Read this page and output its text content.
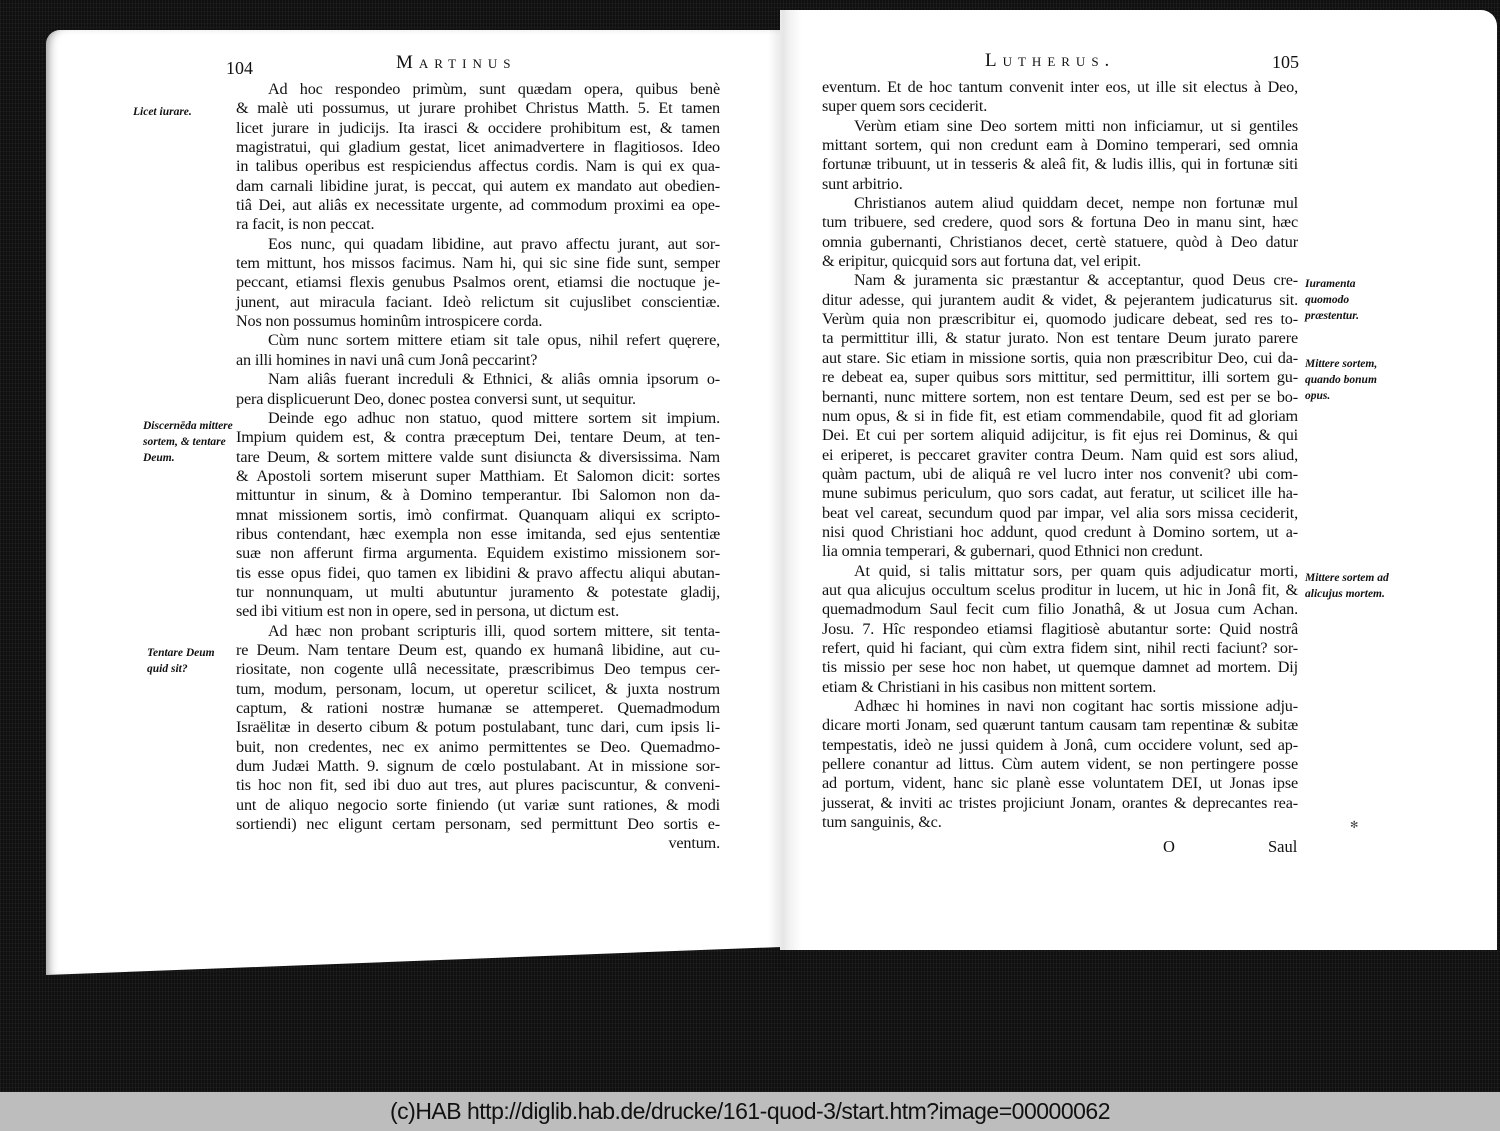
104	Martinus
Licet iurare.
Discernēda mittere sortem, & tentare Deum.
Tentare Deum quid sit?
Ad hoc respondeo primùm, sunt quædam opera, quibus benè
& malè uti possumus, ut jurare prohibet Christus Matth. 5. Et tamen
licet jurare in judicijs. Ita irasci & occidere prohibitum est, & tamen
magistratui, qui gladium gestat, licet animadvertere in flagitiosos. Ideo
in talibus operibus est respiciendus affectus cordis. Nam is qui ex qua-
dam carnali libidine jurat, is peccat, qui autem ex mandato aut obedien-
tiâ Dei, aut aliâs ex necessitate urgente, ad commodum proximi ea ope-
ra facit, is non peccat.
Eos nunc, qui quadam libidine, aut pravo affectu jurant, aut sor-
tem mittunt, hos missos facimus. Nam hi, qui sic sine fide sunt, semper
peccant, etiamsi flexis genubus Psalmos orent, etiamsi die noctuque je-
junent, aut miracula faciant. Ideò relictum sit cujuslibet conscientiæ.
Nos non possumus hominûm introspicere corda.
Cùm nunc sortem mittere etiam sit tale opus, nihil refert quęrere,
an illi homines in navi unâ cum Jonâ peccarint?
Nam aliâs fuerant increduli & Ethnici, & aliâs omnia ipsorum o-
pera displicuerunt Deo, donec postea conversi sunt, ut sequitur.
Deinde ego adhuc non statuo, quod mittere sortem sit impium.
Impium quidem est, & contra præceptum Dei, tentare Deum, at ten-
tare Deum, & sortem mittere valde sunt disiuncta & diversissima. Nam
& Apostoli sortem miserunt super Matthiam. Et Salomon dicit: sortes
mittuntur in sinum, & à Domino temperantur. Ibi Salomon non da-
mnat missionem sortis, imò confirmat. Quanquam aliqui ex scripto-
ribus contendant, hæc exempla non esse imitanda, sed ejus sententiæ
suæ non afferunt firma argumenta. Equidem existimo missionem sor-
tis esse opus fidei, quo tamen ex libidini & pravo affectu aliqui abutan-
tur nonnunquam, ut multi abutuntur juramento & potestate gladij,
sed ibi vitium est non in opere, sed in persona, ut dictum est.
Ad hæc non probant scripturis illi, quod sortem mittere, sit tenta-
re Deum. Nam tentare Deum est, quando ex humanâ libidine, aut cu-
riositate, non cogente ullâ necessitate, præscribimus Deo tempus cer-
tum, modum, personam, locum, ut operetur scilicet, & juxta nostrum
captum, & rationi nostræ humanæ se attemperet. Quemadmodum
Israëlitæ in deserto cibum & potum postulabant, tunc dari, cum ipsis li-
buit, non credentes, nec ex animo permittentes se Deo. Quemadmo-
dum Judæi Matth. 9. signum de cœlo postulabant. At in missione sor-
tis hoc non fit, sed ibi duo aut tres, aut plures paciscuntur, & conveni-
unt de aliquo negocio sorte finiendo (ut variæ sunt rationes, & modi
sortiendi) nec eligunt certam personam, sed permittunt Deo sortis e-
ventum.
Lutherus.	105
Iuramenta quomodo præstentur.
Mittere sortem, quando bonum opus.
Mittere sortem ad alicujus mortem.
eventum. Et de hoc tantum convenit inter eos, ut ille sit electus à Deo,
super quem sors ceciderit.
Verùm etiam sine Deo sortem mitti non inficiamur, ut si gentiles
mittant sortem, qui non credunt eam à Domino temperari, sed omnia
fortunæ tribuunt, ut in tesseris & aleâ fit, & ludis illis, qui in fortunæ siti
sunt arbitrio.
Christianos autem aliud quiddam decet, nempe non fortunæ mul
tum tribuere, sed credere, quod sors & fortuna Deo in manu sint, hæc
omnia gubernanti, Christianos decet, certè statuere, quòd à Deo datur
& eripitur, quicquid sors aut fortuna dat, vel eripit.
Nam & juramenta sic præstantur & acceptantur, quod Deus cre-
ditur adesse, qui jurantem audit & videt, & pejerantem judicaturus sit.
Verùm quia non præscribitur ei, quomodo judicare debeat, sed res to-
ta permittitur illi, & statur jurato. Non est tentare Deum jurato parere
aut stare. Sic etiam in missione sortis, quia non præscribitur Deo, cui da-
re debeat ea, super quibus sors mittitur, sed permittitur, illi sortem gu-
bernanti, nunc mittere sortem, non est tentare Deum, sed est per se bo-
num opus, & si in fide fit, est etiam commendabile, quod fit ad gloriam
Dei. Et cui per sortem aliquid adijcitur, is fit ejus rei Dominus, & qui
ei eriperet, is peccaret graviter contra Deum. Nam quid est sors aliud,
quàm pactum, ubi de aliquâ re vel lucro inter nos convenit? ubi com-
mune subimus periculum, quo sors cadat, aut feratur, ut scilicet ille ha-
beat vel careat, secundum quod par impar, vel alia sors missa ceciderit,
nisi quod Christiani hoc addunt, quod credunt à Domino sortem, ut a-
lia omnia temperari, & gubernari, quod Ethnici non credunt.
At quid, si talis mittatur sors, per quam quis adjudicatur morti,
aut qua alicujus occultum scelus proditur in lucem, ut hic in Jonâ fit, &
quemadmodum Saul fecit cum filio Jonathâ, & ut Josua cum Achan.
Josu. 7. Hîc respondeo etiamsi flagitiosè abutantur sorte: Quid nostrâ
refert, quid hi faciant, qui cùm extra fidem sint, nihil recti faciunt? sor-
tis missio per sese hoc non habet, ut quemque damnet ad mortem. Dij
etiam & Christiani in his casibus non mittent sortem.
Adhæc hi homines in navi non cogitant hac sortis missione adju-
dicare morti Jonam, sed quærunt tantum causam tam repentinæ & subitæ
tempestatis, ideò ne jussi quidem à Jonâ, cum occidere volunt, sed ap-
pellere conantur ad littus. Cùm autem vident, se non pertingere posse
ad portum, vident, hanc sic planè esse voluntatem DEI, ut Jonas ipse
jusserat, & inviti ac tristes projiciunt Jonam, orantes & deprecantes rea-
tum sanguinis, &c.
O	Saul
✻
(c)HAB http://diglib.hab.de/drucke/161-quod-3/start.htm?image=00000062
